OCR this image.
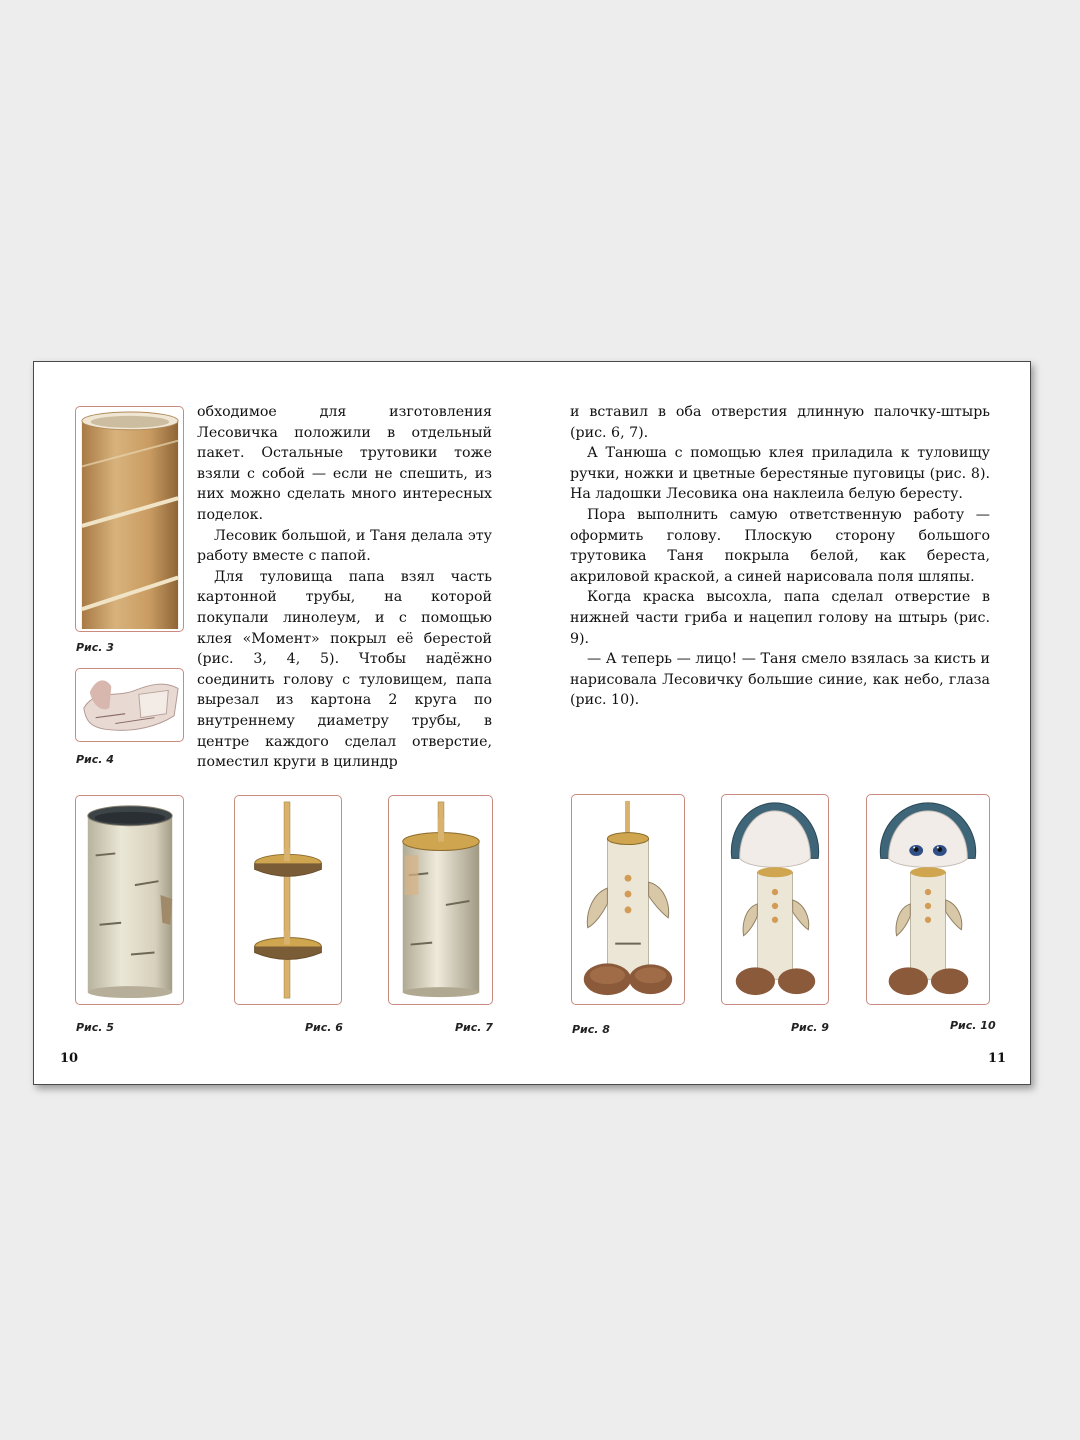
обходимое для изготовления Лесовичка положили в отдельный пакет. Остальные трутовики тоже взяли с собой — если не спешить, из них можно сделать много интересных поделок.

Лесовик большой, и Таня делала эту работу вместе с папой.

Для туловища папа взял часть картонной трубы, на которой покупали линолеум, и с помощью клея «Момент» покрыл её берестой (рис. 3, 4, 5). Чтобы надёжно соединить голову с туловищем, папа вырезал из картона 2 круга по внутреннему диаметру трубы, в центре каждого сделал отверстие, поместил круги в цилиндр

и вставил в оба отверстия длинную палочку-штырь (рис. 6, 7).

А Танюша с помощью клея приладила к туловищу ручки, ножки и цветные берестяные пуговицы (рис. 8). На ладошки Лесовика она наклеила белую бересту.

Пора выполнить самую ответственную работу — оформить голову. Плоскую сторону большого трутовика Таня покрыла белой, как береста, акриловой краской, а синей нарисовала поля шляпы.

Когда краска высохла, папа сделал отверстие в нижней части гриба и нацепил голову на штырь (рис. 9).

— А теперь — лицо! — Таня смело взялась за кисть и нарисовала Лесовичку большие синие, как небо, глаза (рис. 10).

Рис. 3
Рис. 4
Рис. 5	Рис. 6	Рис. 7	Рис. 8	Рис. 9	Рис. 10
10	11
